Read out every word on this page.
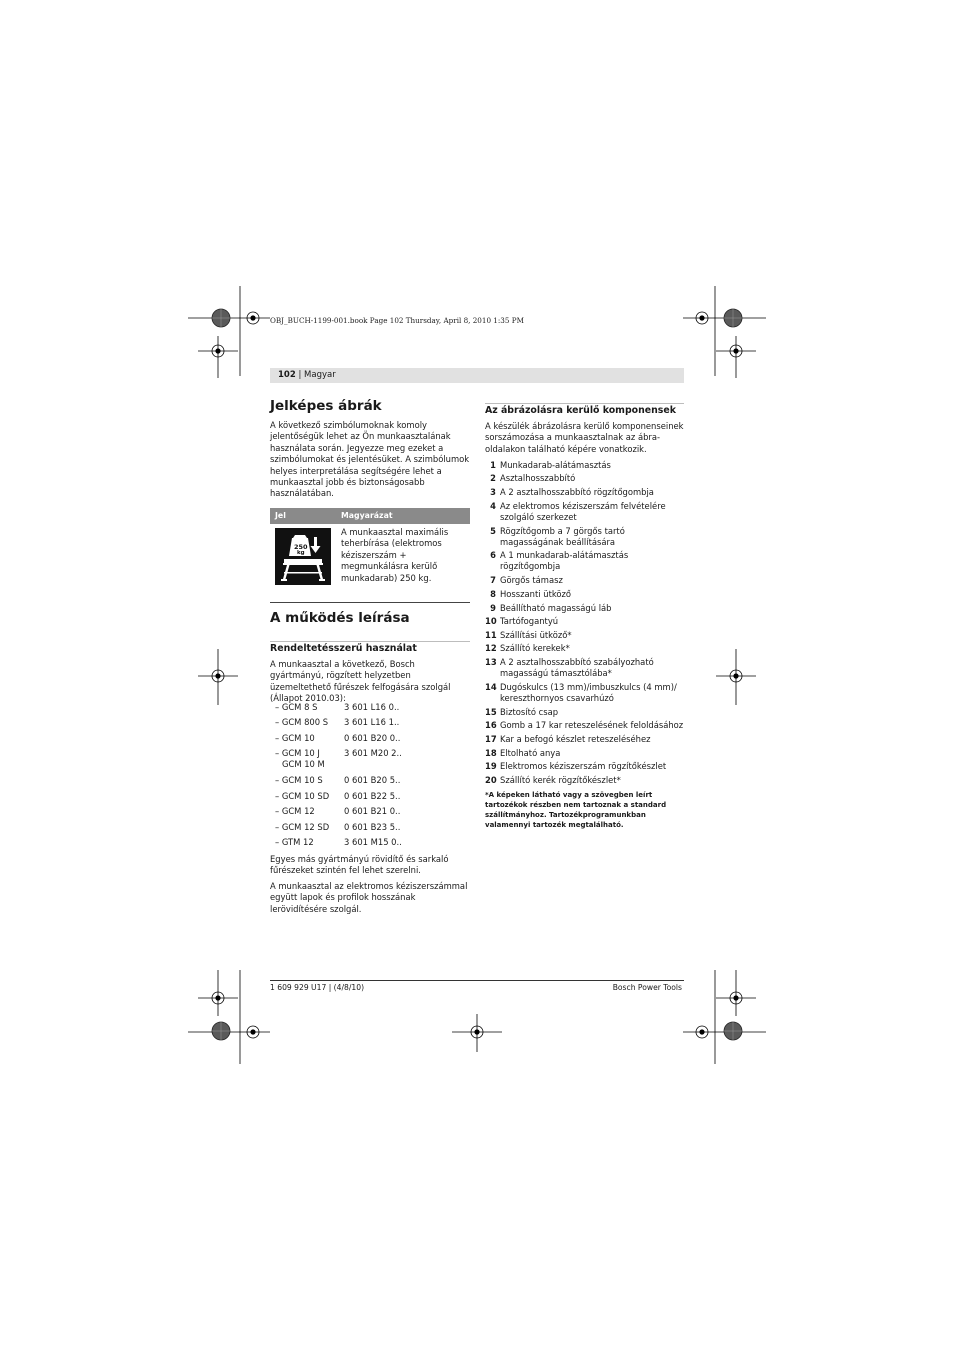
OBJ_BUCH-1199-001.book Page 102 Thursday, April 8, 2010 1:35 PM
102 | Magyar
Jelképes ábrák

A következő szimbólumoknak komoly jelentőségük lehet az Ön munkaasztalának használata során. Jegyezze meg ezeket a szimbólumokat és jelentésüket. A szimbólumok helyes interpretálása segítségére lehet a munkaasztal jobb és biztonságosabb használatában.

Jel	Magyarázat
250
kg
A munkaasztal maximális teherbírása (elektromos kéziszerszám + megmunkálásra kerülő munkadarab) 250 kg.
A működés leírása
Rendeltetésszerű használat

A munkaasztal a következő, Bosch gyártmányú, rögzített helyzetben üzemeltethető fűrészek felfogására szolgál (Állapot 2010.03):

– GCM 8 S	3 601 L16 0..
– GCM 800 S	3 601 L16 1..
– GCM 10	0 601 B20 0..
– GCM 10 J	3 601 M20 2..
GCM 10 M
– GCM 10 S	0 601 B20 5..
– GCM 10 SD	0 601 B22 5..
– GCM 12	0 601 B21 0..
– GCM 12 SD	0 601 B23 5..
– GTM 12	3 601 M15 0..

Egyes más gyártmányú rövidítő és sarkaló fűrészeket szintén fel lehet szerelni.

A munkaasztal az elektromos kéziszerszámmal együtt lapok és profilok hosszának lerövidítésére szolgál.

Az ábrázolásra kerülő komponensek

A készülék ábrázolásra kerülő komponenseinek sorszámozása a munkaasztalnak az ábra-oldalakon található képére vonatkozik.

1 Munkadarab-alátámasztás
2 Asztalhosszabbító
3 A 2 asztalhosszabbító rögzítőgombja
4 Az elektromos kéziszerszám felvételére szolgáló szerkezet
5 Rögzítőgomb a 7 görgős tartó magasságának beállítására
6 A 1 munkadarab-alátámasztás rögzítőgombja
7 Görgős támasz
8 Hosszanti ütköző
9 Beállítható magasságú láb
10 Tartófogantyú
11 Szállítási ütköző*
12 Szállító kerekek*
13 A 2 asztalhosszabbító szabályozható magasságú támasztólába*
14 Dugóskulcs (13 mm)/imbuszkulcs (4 mm)/ kereszthornyos csavarhúzó
15 Biztosító csap
16 Gomb a 17 kar reteszelésének feloldásához
17 Kar a befogó készlet reteszeléséhez
18 Eltolható anya
19 Elektromos kéziszerszám rögzítőkészlet
20 Szállító kerék rögzítőkészlet*
*A képeken látható vagy a szövegben leírt tartozékok részben nem tartoznak a standard szállítmányhoz. Tartozékprogramunkban valamennyi tartozék megtalálható.
1 609 929 U17 | (4/8/10)	Bosch Power Tools
